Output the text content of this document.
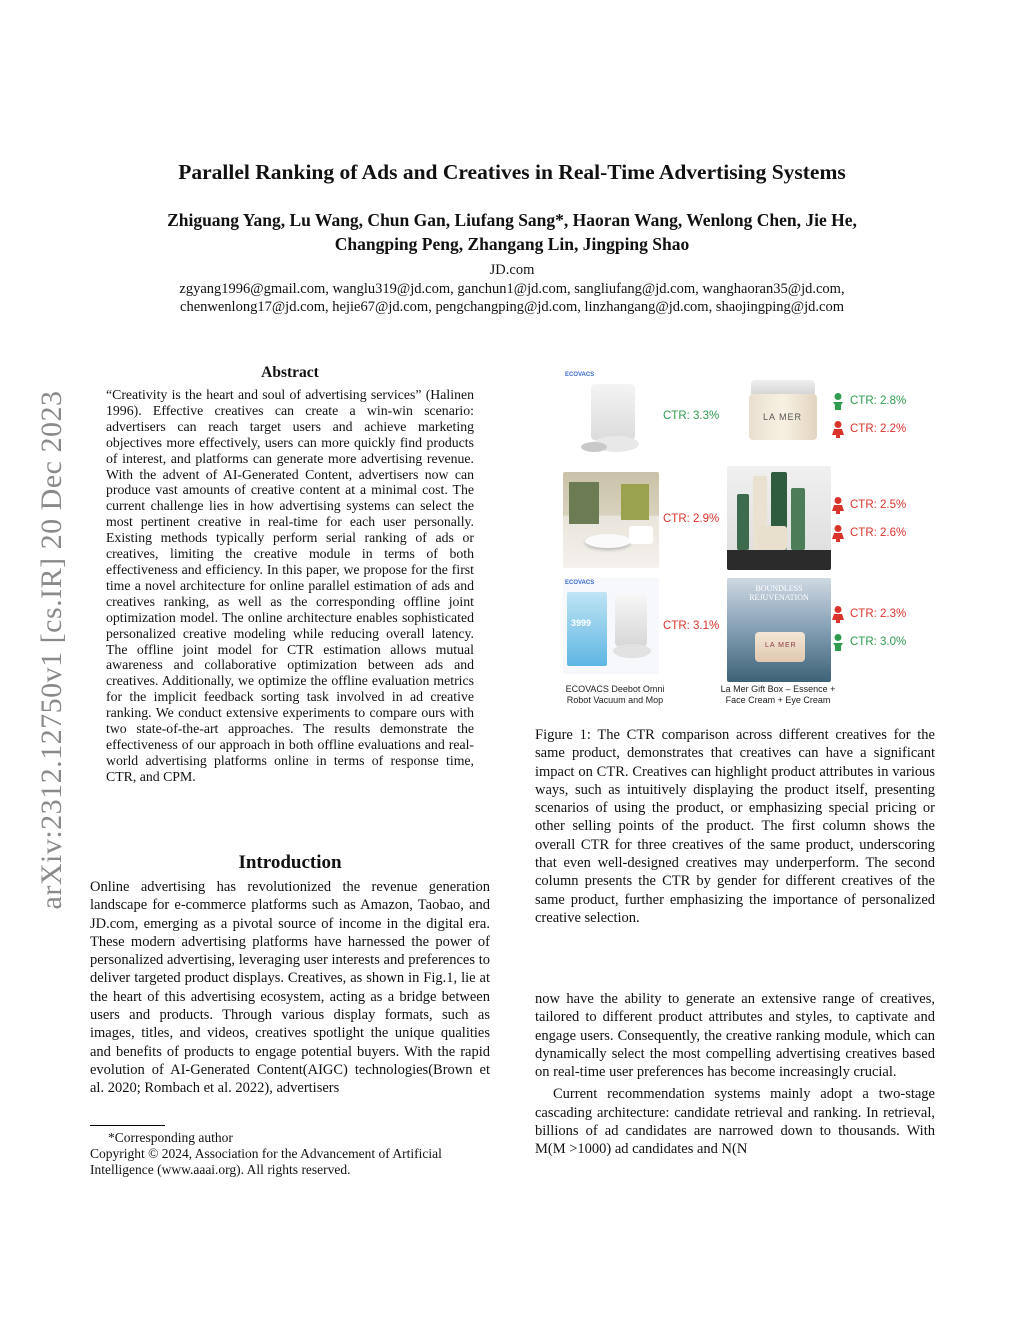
arXiv:2312.12750v1 [cs.IR] 20 Dec 2023
Parallel Ranking of Ads and Creatives in Real-Time Advertising Systems
Zhiguang Yang, Lu Wang, Chun Gan, Liufang Sang*, Haoran Wang, Wenlong Chen, Jie He,
Changping Peng, Zhangang Lin, Jingping Shao
JD.com
zgyang1996@gmail.com, wanglu319@jd.com, ganchun1@jd.com, sangliufang@jd.com, wanghaoran35@jd.com,
chenwenlong17@jd.com, hejie67@jd.com, pengchangping@jd.com, linzhangang@jd.com, shaojingping@jd.com
Abstract

“Creativity is the heart and soul of advertising services” (Halinen 1996). Effective creatives can create a win-win scenario: advertisers can reach target users and achieve marketing objectives more effectively, users can more quickly find products of interest, and platforms can generate more advertising revenue. With the advent of AI-Generated Content, advertisers now can produce vast amounts of creative content at a minimal cost. The current challenge lies in how advertising systems can select the most pertinent creative in real-time for each user personally. Existing methods typically perform serial ranking of ads or creatives, limiting the creative module in terms of both effectiveness and efficiency. In this paper, we propose for the first time a novel architecture for online parallel estimation of ads and creatives ranking, as well as the corresponding offline joint optimization model. The online architecture enables sophisticated personalized creative modeling while reducing overall latency. The offline joint model for CTR estimation allows mutual awareness and collaborative optimization between ads and creatives. Additionally, we optimize the offline evaluation metrics for the implicit feedback sorting task involved in ad creative ranking. We conduct extensive experiments to compare ours with two state-of-the-art approaches. The results demonstrate the effectiveness of our approach in both offline evaluations and real-world advertising platforms online in terms of response time, CTR, and CPM.

Introduction

Online advertising has revolutionized the revenue generation landscape for e-commerce platforms such as Amazon, Taobao, and JD.com, emerging as a pivotal source of income in the digital era. These modern advertising platforms have harnessed the power of personalized advertising, leveraging user interests and preferences to deliver targeted product displays. Creatives, as shown in Fig.1, lie at the heart of this advertising ecosystem, acting as a bridge between users and products. Through various display formats, such as images, titles, and videos, creatives spotlight the unique qualities and benefits of products to engage potential buyers. With the rapid evolution of AI-Generated Content(AIGC) technologies(Brown et al. 2020; Rombach et al. 2022), advertisers

*Corresponding author

Copyright © 2024, Association for the Advancement of Artificial Intelligence (www.aaai.org). All rights reserved.

ECOVACS
CTR: 3.3%
CTR: 2.9%
ECOVACS
3999	CTR: 3.1%
LA MER
BOUNDLESS REJUVENATION
LA MER
CTR: 2.8%
CTR: 2.2%
CTR: 2.5%
CTR: 2.6%
CTR: 2.3%
CTR: 3.0%
ECOVACS Deebot Omni Robot Vacuum and Mop
La Mer Gift Box – Essence + Face Cream + Eye Cream

Figure 1: The CTR comparison across different creatives for the same product, demonstrates that creatives can have a significant impact on CTR. Creatives can highlight product attributes in various ways, such as intuitively displaying the product itself, presenting scenarios of using the product, or emphasizing special pricing or other selling points of the product. The first column shows the overall CTR for three creatives of the same product, underscoring that even well-designed creatives may underperform. The second column presents the CTR by gender for different creatives of the same product, further emphasizing the importance of personalized creative selection.

now have the ability to generate an extensive range of creatives, tailored to different product attributes and styles, to captivate and engage users. Consequently, the creative ranking module, which can dynamically select the most compelling advertising creatives based on real-time user preferences has become increasingly crucial.

Current recommendation systems mainly adopt a two-stage cascading architecture: candidate retrieval and ranking. In retrieval, billions of ad candidates are narrowed down to thousands. With M(M >1000) ad candidates and N(N
